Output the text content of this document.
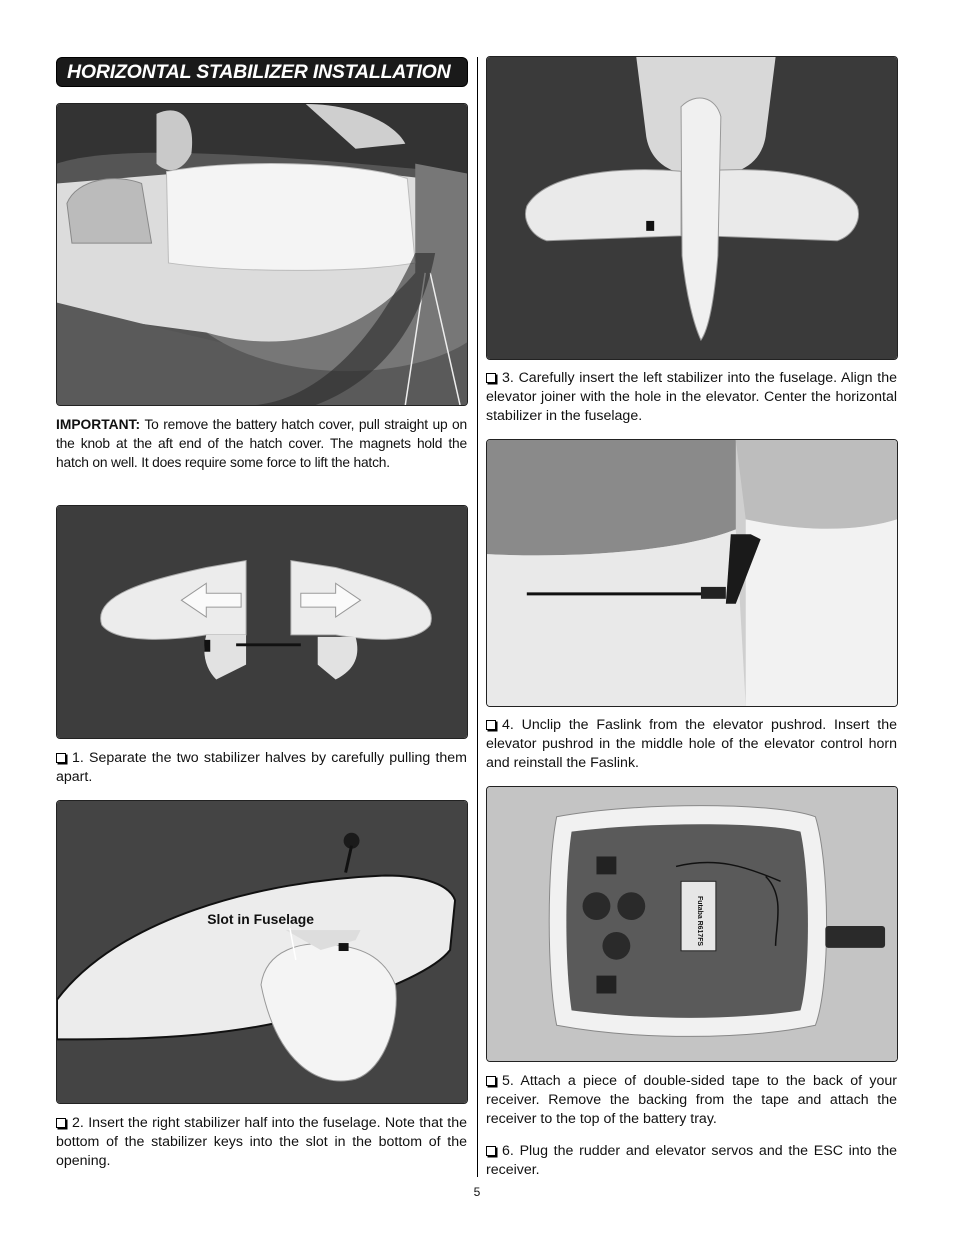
HORIZONTAL STABILIZER INSTALLATION

IMPORTANT: To remove the battery hatch cover, pull straight up on the knob at the aft end of the hatch cover. The magnets hold the hatch on well. It does require some force to lift the hatch.

1. Separate the two stabilizer halves by carefully pulling them apart.

Slot in Fuselage

2. Insert the right stabilizer half into the fuselage. Note that the bottom of the stabilizer keys into the slot in the bottom of the opening.

3. Carefully insert the left stabilizer into the fuselage. Align the elevator joiner with the hole in the elevator. Center the horizontal stabilizer in the fuselage.

4. Unclip the Faslink from the elevator pushrod. Insert the elevator pushrod in the middle hole of the elevator control horn and reinstall the Faslink.

Futaba R617FS

5. Attach a piece of double-sided tape to the back of your receiver. Remove the backing from the tape and attach the receiver to the top of the battery tray.

6. Plug the rudder and elevator servos and the ESC into the receiver.

5
